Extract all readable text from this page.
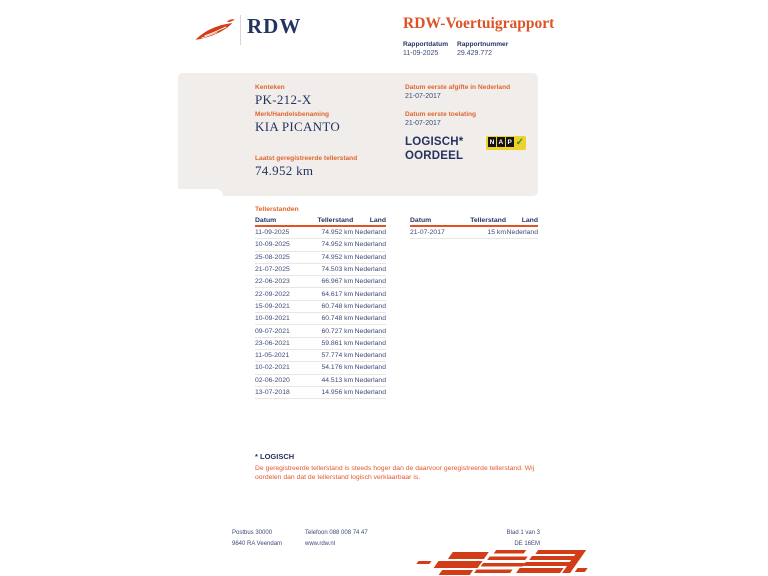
RDW	RDW-Voertuigrapport
Rapportdatum
11-09-2025
Rapportnummer
29.429.772
Kenteken
PK-212-X
Merk/Handelsbenaming
KIA PICANTO
Laatst geregistreerde tellerstand
74.952 km
Datum eerste afgifte in Nederland
21-07-2017
Datum eerste toelating
21-07-2017
LOGISCH*
OORDEEL
N A P ✓
Tellerstanden
Datum	Tellerstand	Land
11-09-2025	74.952 km Nederland
10-09-2025	74.952 km Nederland
25-08-2025	74.952 km Nederland
21-07-2025	74.503 km Nederland
22-06-2023	66.967 km Nederland
22-09-2022	64.617 km Nederland
15-09-2021	60.748 km Nederland
10-09-2021	60.748 km Nederland
09-07-2021	60.727 km Nederland
23-06-2021	59.861 km Nederland
11-05-2021	57.774 km Nederland
10-02-2021	54.176 km Nederland
02-06-2020	44.513 km Nederland
13-07-2018	14.956 km Nederland
Datum	Tellerstand	Land
21-07-2017	15 km Nederland
* LOGISCH
De geregistreerde tellerstand is steeds hoger dan de daarvoor geregistreerde tellerstand. Wij oordelen dan dat de tellerstand logisch verklaarbaar is.
Postbus 30000
9640 RA Veendam
Telefoon 088 008 74 47
www.rdw.nl
Blad 1 van 3
DE 16EM
